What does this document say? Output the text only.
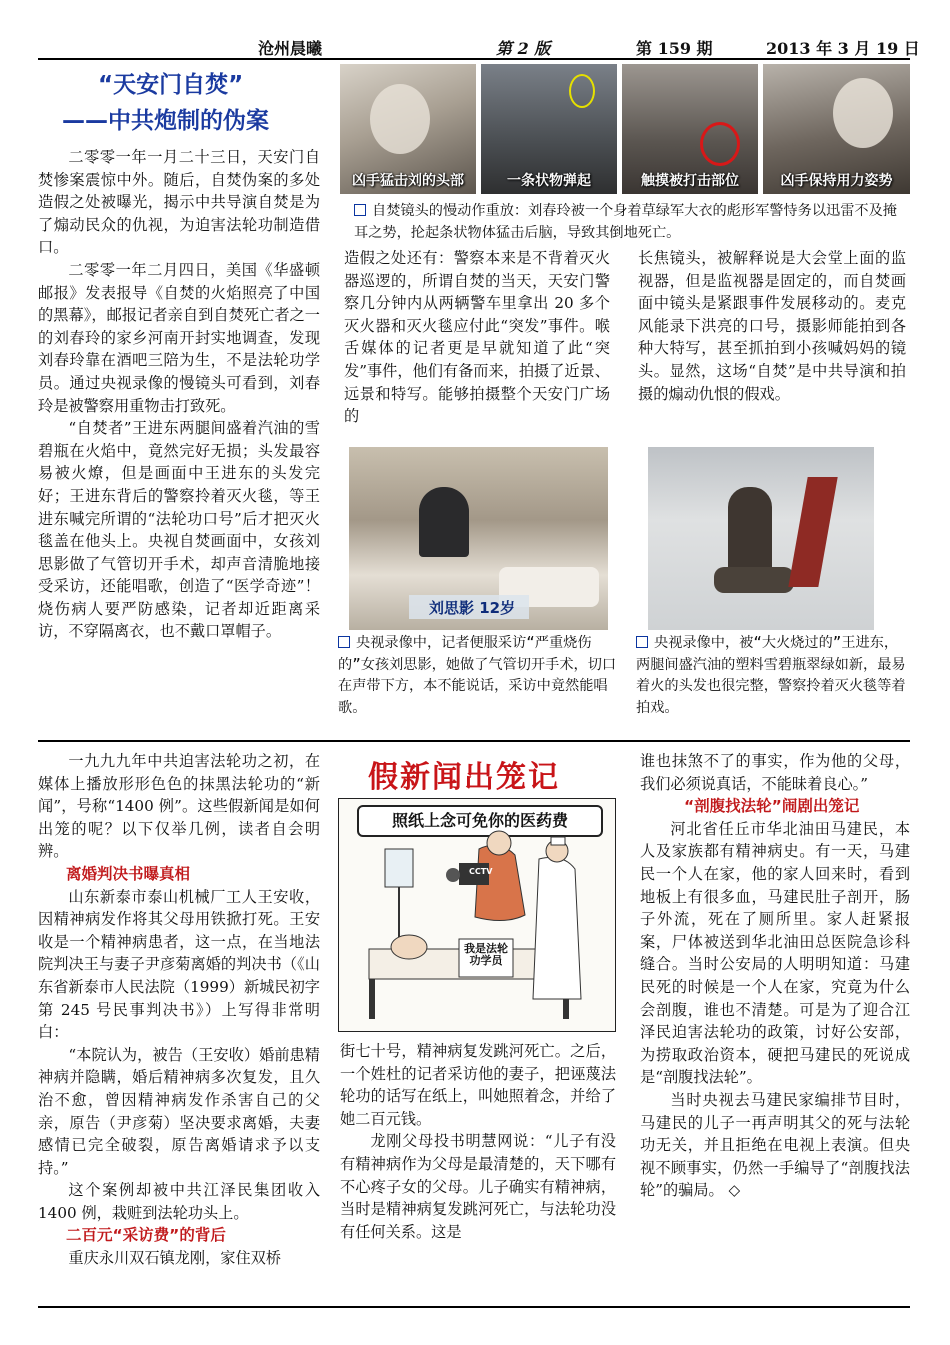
沧州晨曦	第 2 版	第 159 期	2013 年 3 月 19 日
“天安门自焚”
——中共炮制的伪案

二零零一年一月二十三日，天安门自焚惨案震惊中外。随后，自焚伪案的多处造假之处被曝光，揭示中共导演自焚是为了煽动民众的仇视，为迫害法轮功制造借口。

二零零一年二月四日，美国《华盛顿邮报》发表报导《自焚的火焰照亮了中国的黑幕》，邮报记者亲自到自焚死亡者之一的刘春玲的家乡河南开封实地调查，发现刘春玲靠在酒吧三陪为生，不是法轮功学员。通过央视录像的慢镜头可看到，刘春玲是被警察用重物击打致死。

“自焚者”王进东两腿间盛着汽油的雪碧瓶在火焰中，竟然完好无损；头发最容易被火燎，但是画面中王进东的头发完好；王进东背后的警察拎着灭火毯，等王进东喊完所谓的“法轮功口号”后才把灭火毯盖在他头上。央视自焚画面中，女孩刘思影做了气管切开手术，却声音清脆地接受采访，还能唱歌，创造了“医学奇迹”！烧伤病人要严防感染，记者却近距离采访，不穿隔离衣，也不戴口罩帽子。

凶手猛击刘的头部	一条状物弹起	触摸被打击部位	凶手保持用力姿势

自焚镜头的慢动作重放：刘春玲被一个身着草绿军大衣的彪形军警恃务以迅雷不及掩耳之势，抡起条状物体猛击后脑，导致其倒地死亡。

造假之处还有：警察本来是不背着灭火器巡逻的，所谓自焚的当天，天安门警察几分钟内从两辆警车里拿出 20 多个灭火器和灭火毯应付此“突发”事件。喉舌媒体的记者更是早就知道了此“突发”事件，他们有备而来，拍摄了近景、远景和特写。能够拍摄整个天安门广场的

刘思影 12岁

央视录像中，记者便服采访“严重烧伤的”女孩刘思影，她做了气管切开手术，切口在声带下方，本不能说话，采访中竟然能唱歌。

长焦镜头，被解释说是大会堂上面的监视器，但是监视器是固定的，而自焚画面中镜头是紧跟事件发展移动的。麦克风能录下洪亮的口号，摄影师能拍到各种大特写，甚至抓拍到小孩喊妈妈的镜头。显然，这场“自焚”是中共导演和拍摄的煽动仇恨的假戏。

央视录像中，被“大火烧过的”王进东，两腿间盛汽油的塑料雪碧瓶翠绿如新，最易着火的头发也很完整，警察拎着灭火毯等着拍戏。

一九九九年中共迫害法轮功之初，在媒体上播放形形色色的抹黑法轮功的“新闻”，号称“1400 例”。这些假新闻是如何出笼的呢？以下仅举几例，读者自会明辨。

离婚判决书曝真相

山东新泰市泰山机械厂工人王安收，因精神病发作将其父母用铁掀打死。王安收是一个精神病患者，这一点，在当地法院判决王与妻子尹彦菊离婚的判决书（《山东省新泰市人民法院（1999）新城民初字第 245 号民事判决书》）上写得非常明白：

“本院认为，被告（王安收）婚前患精神病并隐瞒，婚后精神病多次复发，且久治不愈，曾因精神病发作杀害自己的父亲，原告（尹彦菊）坚决要求离婚，夫妻感情已完全破裂，原告离婚请求予以支持。”

这个案例却被中共江泽民集团收入 1400 例，栽赃到法轮功头上。

二百元“采访费”的背后

重庆永川双石镇龙刚，家住双桥

假新闻出笼记
照纸上念可免你的医药费
CCTV
我是法轮功学员

街七十号，精神病复发跳河死亡。之后，一个姓杜的记者采访他的妻子，把诬蔑法轮功的话写在纸上，叫她照着念，并给了她二百元钱。

龙刚父母投书明慧网说：“儿子有没有精神病作为父母是最清楚的，天下哪有不心疼子女的父母。儿子确实有精神病，当时是精神病复发跳河死亡，与法轮功没有任何关系。这是

谁也抹煞不了的事实，作为他的父母，我们必须说真话，不能昧着良心。”

“剖腹找法轮”闹剧出笼记

河北省任丘市华北油田马建民，本人及家族都有精神病史。有一天，马建民一个人在家，他的家人回来时，看到地板上有很多血，马建民肚子剖开，肠子外流，死在了厕所里。家人赶紧报案，尸体被送到华北油田总医院急诊科缝合。当时公安局的人明明知道：马建民死的时候是一个人在家，究竟为什么会剖腹，谁也不清楚。可是为了迎合江泽民迫害法轮功的政策，讨好公安部，为捞取政治资本，硬把马建民的死说成是“剖腹找法轮”。

当时央视去马建民家编排节目时，马建民的儿子一再声明其父的死与法轮功无关，并且拒绝在电视上表演。但央视不顾事实，仍然一手编导了“剖腹找法轮”的骗局。 ◇
